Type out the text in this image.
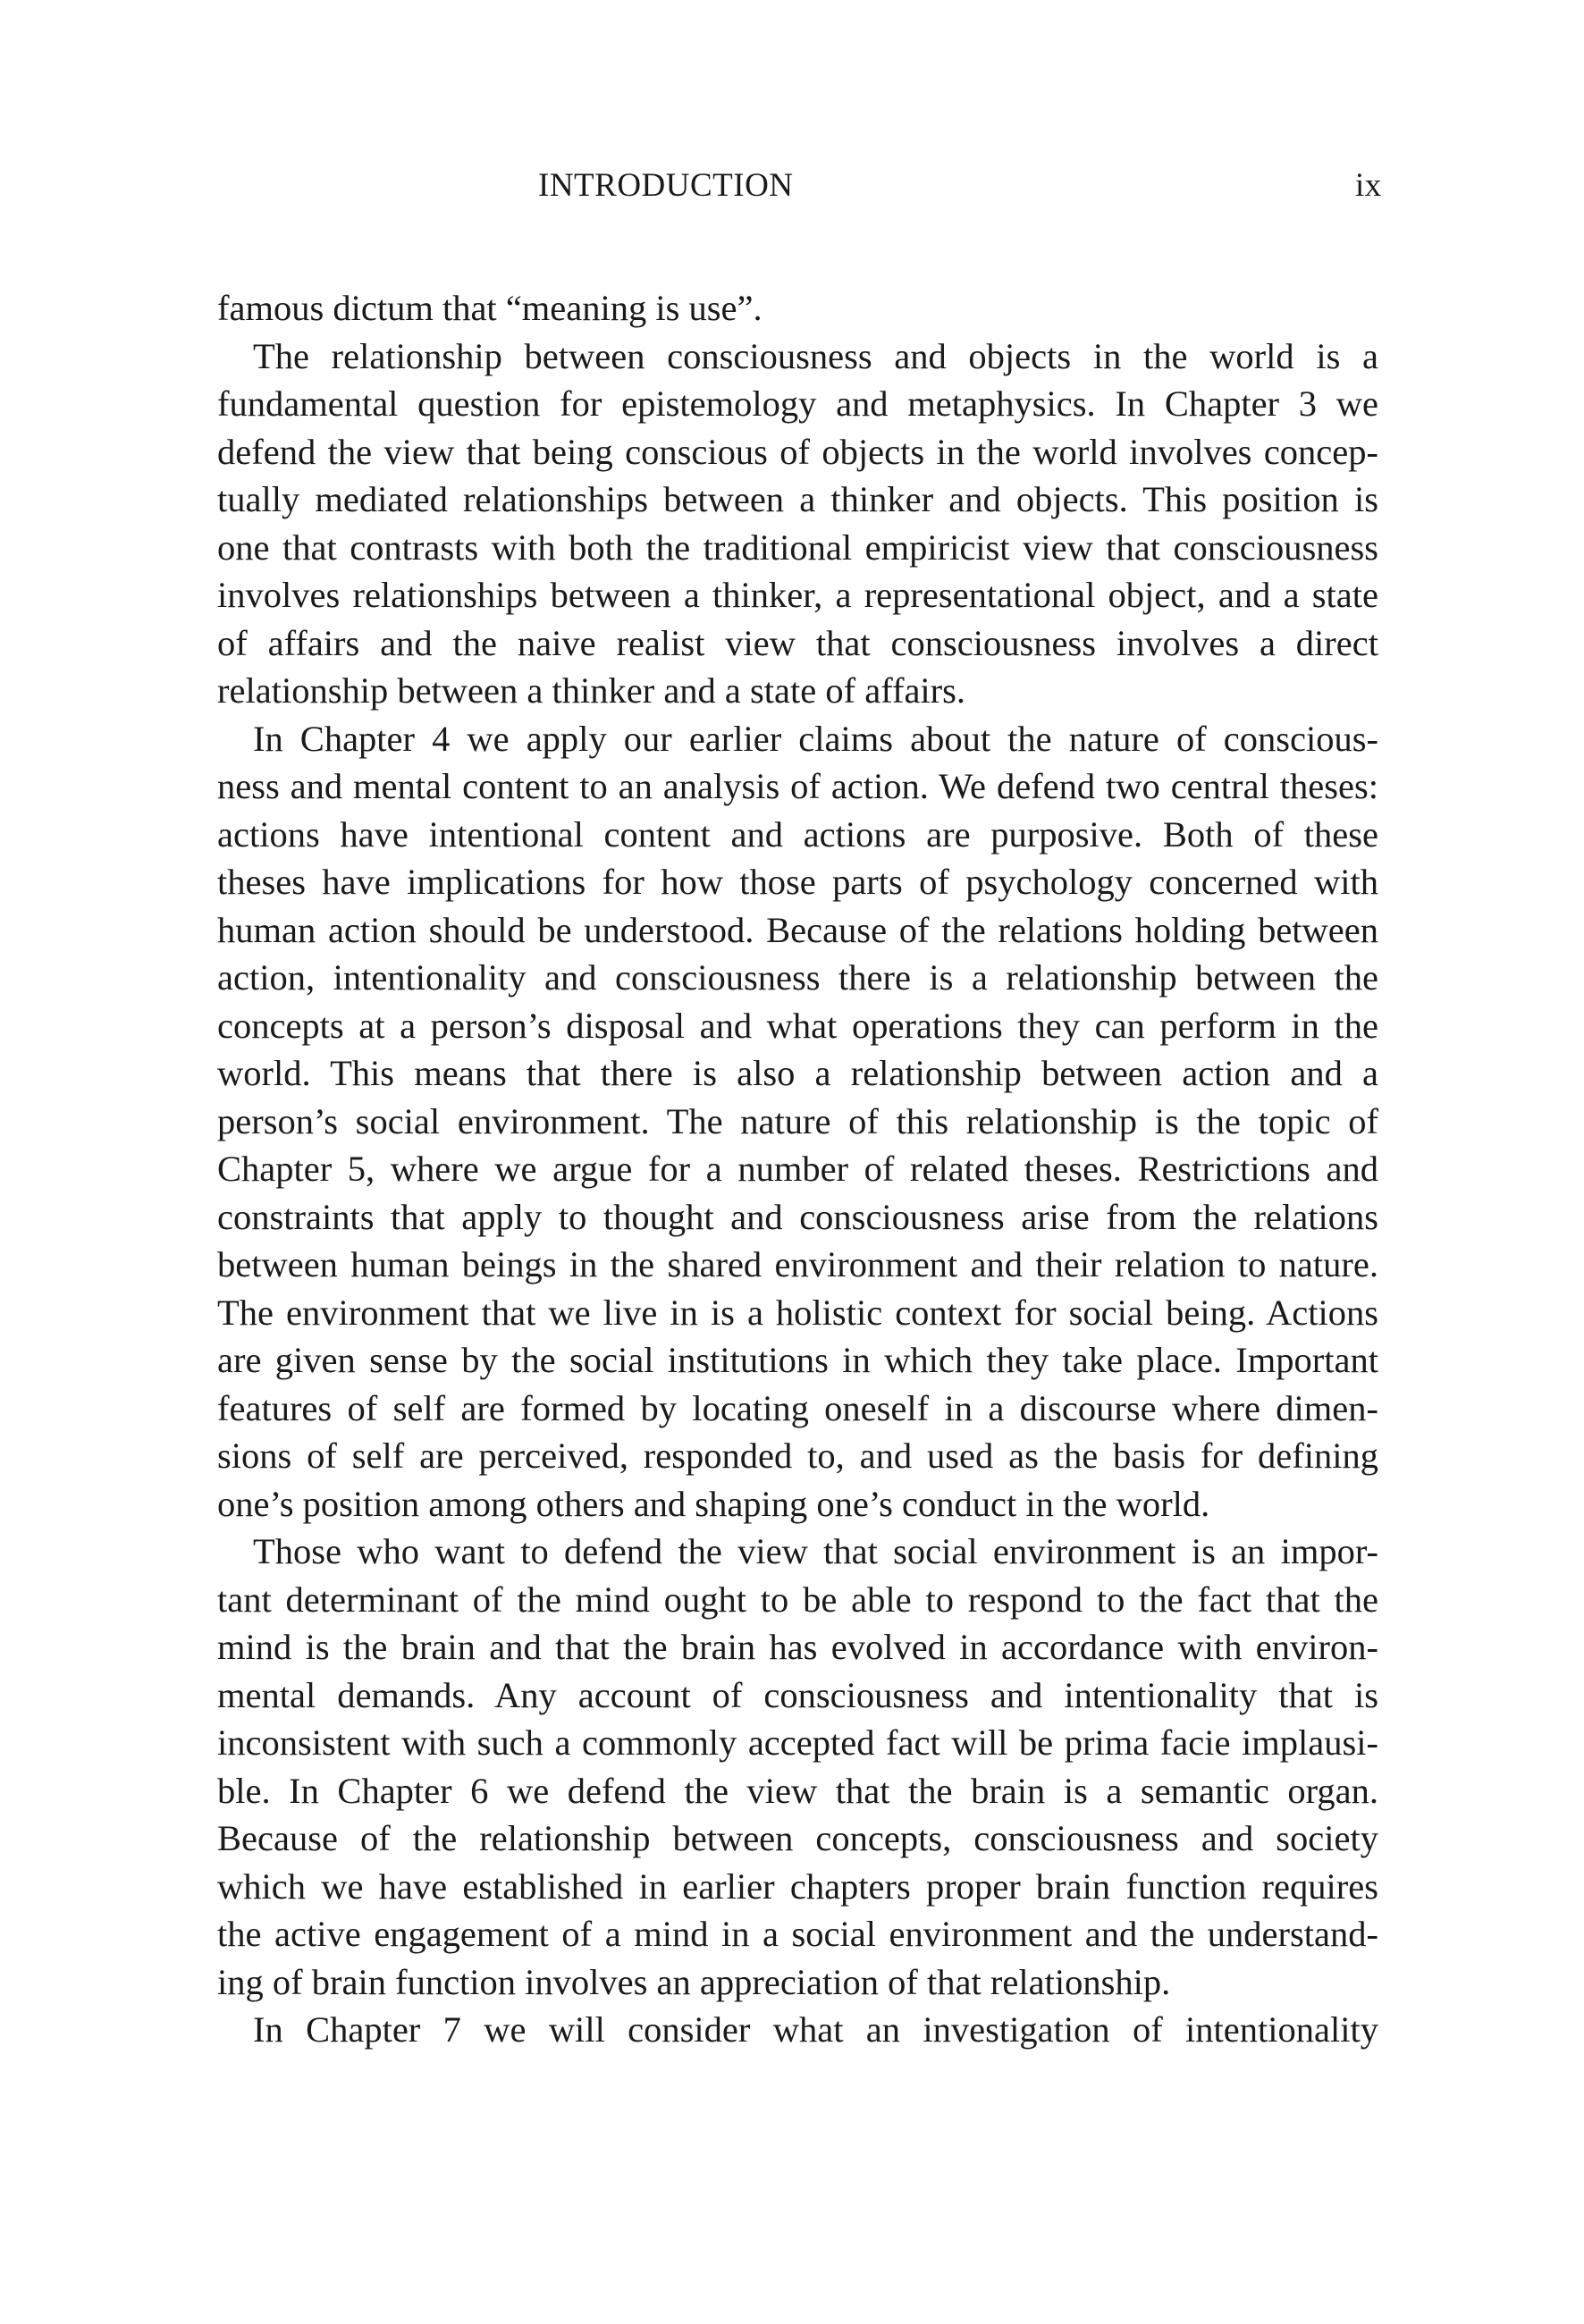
INTRODUCTION	ix
famous dictum that “meaning is use”.
The relationship between consciousness and objects in the world is a
fundamental question for epistemology and metaphysics. In Chapter 3 we
defend the view that being conscious of objects in the world involves concep-
tually mediated relationships between a thinker and objects. This position is
one that contrasts with both the traditional empiricist view that consciousness
involves relationships between a thinker, a representational object, and a state
of affairs and the naive realist view that consciousness involves a direct
relationship between a thinker and a state of affairs.
In Chapter 4 we apply our earlier claims about the nature of conscious-
ness and mental content to an analysis of action. We defend two central theses:
actions have intentional content and actions are purposive. Both of these
theses have implications for how those parts of psychology concerned with
human action should be understood. Because of the relations holding between
action, intentionality and consciousness there is a relationship between the
concepts at a person’s disposal and what operations they can perform in the
world. This means that there is also a relationship between action and a
person’s social environment. The nature of this relationship is the topic of
Chapter 5, where we argue for a number of related theses. Restrictions and
constraints that apply to thought and consciousness arise from the relations
between human beings in the shared environment and their relation to nature.
The environment that we live in is a holistic context for social being. Actions
are given sense by the social institutions in which they take place. Important
features of self are formed by locating oneself in a discourse where dimen-
sions of self are perceived, responded to, and used as the basis for defining
one’s position among others and shaping one’s conduct in the world.
Those who want to defend the view that social environment is an impor-
tant determinant of the mind ought to be able to respond to the fact that the
mind is the brain and that the brain has evolved in accordance with environ-
mental demands. Any account of consciousness and intentionality that is
inconsistent with such a commonly accepted fact will be prima facie implausi-
ble. In Chapter 6 we defend the view that the brain is a semantic organ.
Because of the relationship between concepts, consciousness and society
which we have established in earlier chapters proper brain function requires
the active engagement of a mind in a social environment and the understand-
ing of brain function involves an appreciation of that relationship.
In Chapter 7 we will consider what an investigation of intentionality
